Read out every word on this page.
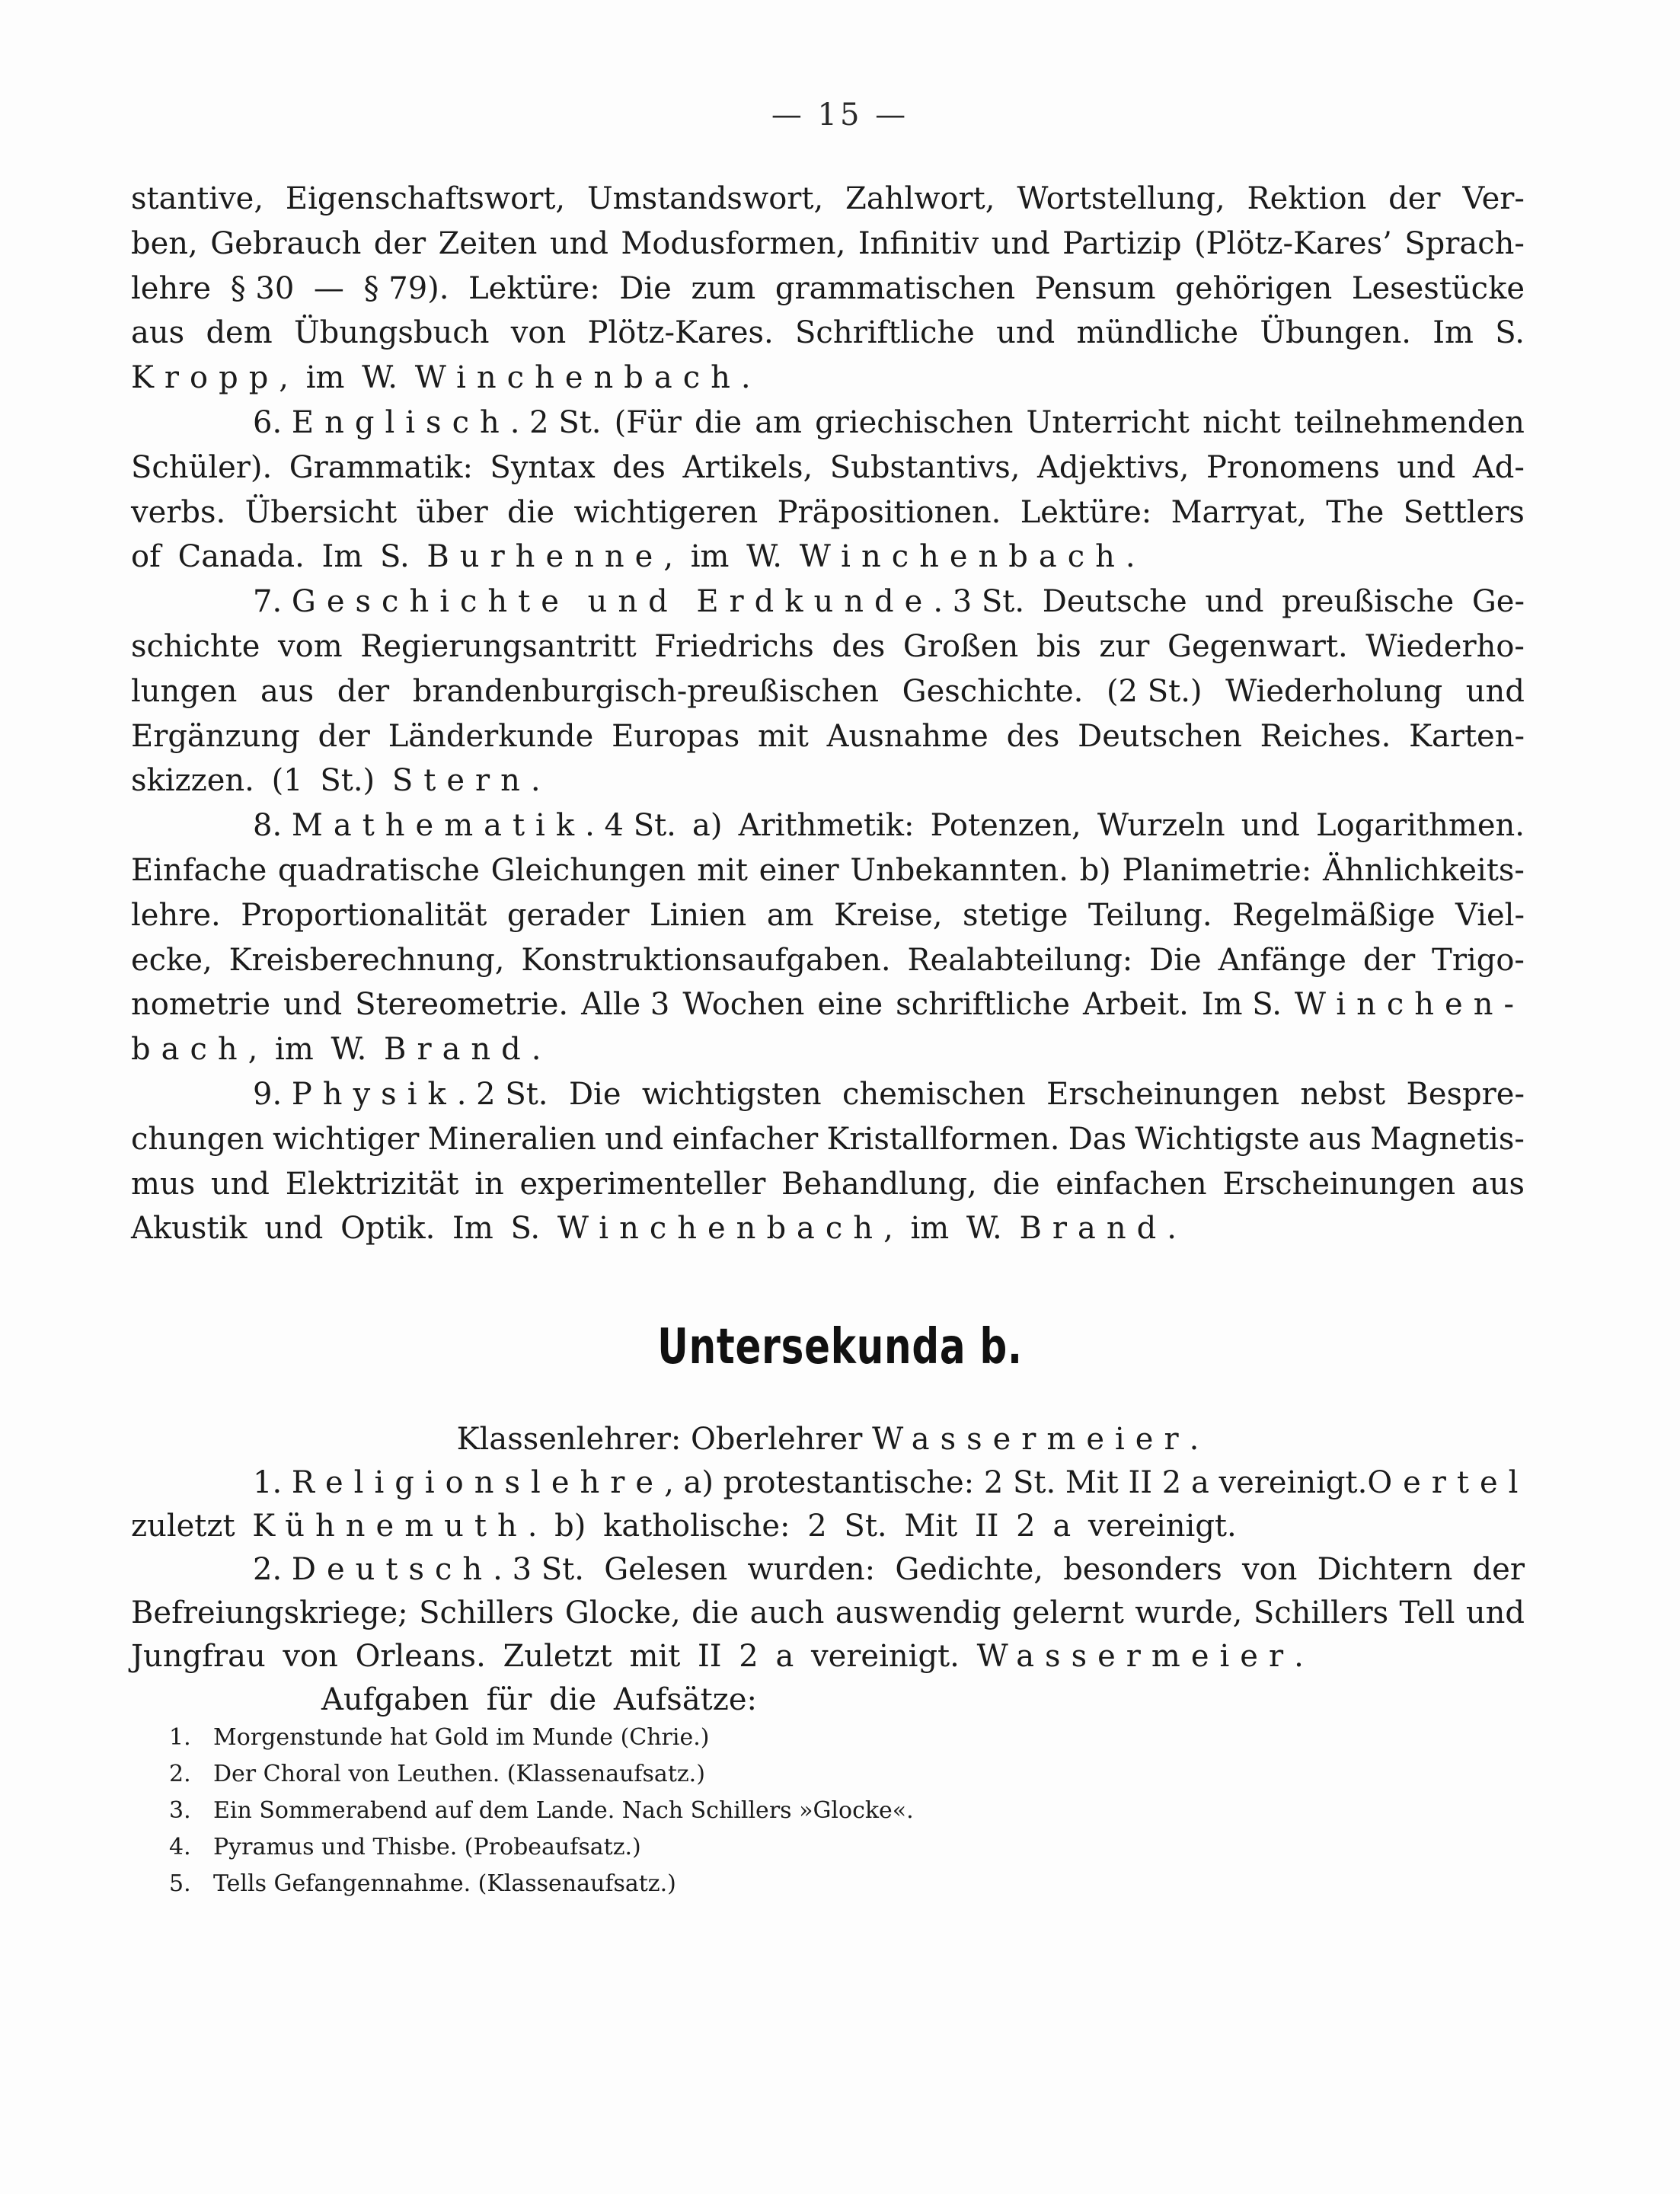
— 15 —
stantive, Eigenschaftswort, Umstandswort, Zahlwort, Wortstellung, Rektion der Ver-
ben, Gebrauch der Zeiten und Modusformen, Infinitiv und Partizip (Plötz-Kares’ Sprach-
lehre § 30 — § 79). Lektüre: Die zum grammatischen Pensum gehörigen Lesestücke
aus dem Übungsbuch von Plötz-Kares. Schriftliche und mündliche Übungen. Im S.
Kropp , im W.
Winchenbach .
6. Englisch. 2 St. (Für die am griechischen Unterricht nicht teilnehmenden
Schüler). Grammatik: Syntax des Artikels, Substantivs, Adjektivs, Pronomens und Ad-
verbs. Übersicht über die wichtigeren Präpositionen. Lektüre: Marryat, The Settlers
of Canada. Im S.
Burhenne , im W.
Winchenbach .
7. Geschichte und Erdkunde. 3 St. Deutsche und preußische Ge-
schichte vom Regierungsantritt Friedrichs des Großen bis zur Gegenwart. Wiederho-
lungen aus der brandenburgisch-preußischen Geschichte. (2 St.) Wiederholung und
Ergänzung der Länderkunde Europas mit Ausnahme des Deutschen Reiches. Karten-
skizzen. (1 St.)
Stern .
8. Mathematik. 4 St. a) Arithmetik: Potenzen, Wurzeln und Logarithmen.
Einfache quadratische Gleichungen mit einer Unbekannten. b) Planimetrie: Ähnlichkeits-
lehre. Proportionalität gerader Linien am Kreise, stetige Teilung. Regelmäßige Viel-
ecke, Kreisberechnung, Konstruktionsaufgaben. Realabteilung: Die Anfänge der Trigo-
nometrie und Stereometrie. Alle 3 Wochen eine schriftliche Arbeit. Im S. Winchen-
bach , im W.
Brand .
9. Physik. 2 St. Die wichtigsten chemischen Erscheinungen nebst Bespre-
chungen wichtiger Mineralien und einfacher Kristallformen. Das Wichtigste aus Magnetis-
mus und Elektrizität in experimenteller Behandlung, die einfachen Erscheinungen aus
Akustik und Optik. Im S.
Winchenbach , im W.
Brand .
Untersekunda b.
Klassenlehrer: Oberlehrer
Wassermeier .
1. Religionslehre, a) protestantische: 2 St. Mit II 2 a vereinigt. Oertel
zuletzt
Kühnemuth . b) katholische: 2 St. Mit II 2 a vereinigt.
2. Deutsch. 3 St. Gelesen wurden: Gedichte, besonders von Dichtern der
Befreiungskriege; Schillers Glocke, die auch auswendig gelernt wurde, Schillers Tell und
Jungfrau von Orleans. Zuletzt mit II 2 a vereinigt.
Wassermeier .
Aufgaben für die Aufsätze:
1. Morgenstunde hat Gold im Munde (Chrie.)
2. Der Choral von Leuthen. (Klassenaufsatz.)
3. Ein Sommerabend auf dem Lande. Nach Schillers »Glocke«.
4. Pyramus und Thisbe. (Probeaufsatz.)
5. Tells Gefangennahme. (Klassenaufsatz.)
